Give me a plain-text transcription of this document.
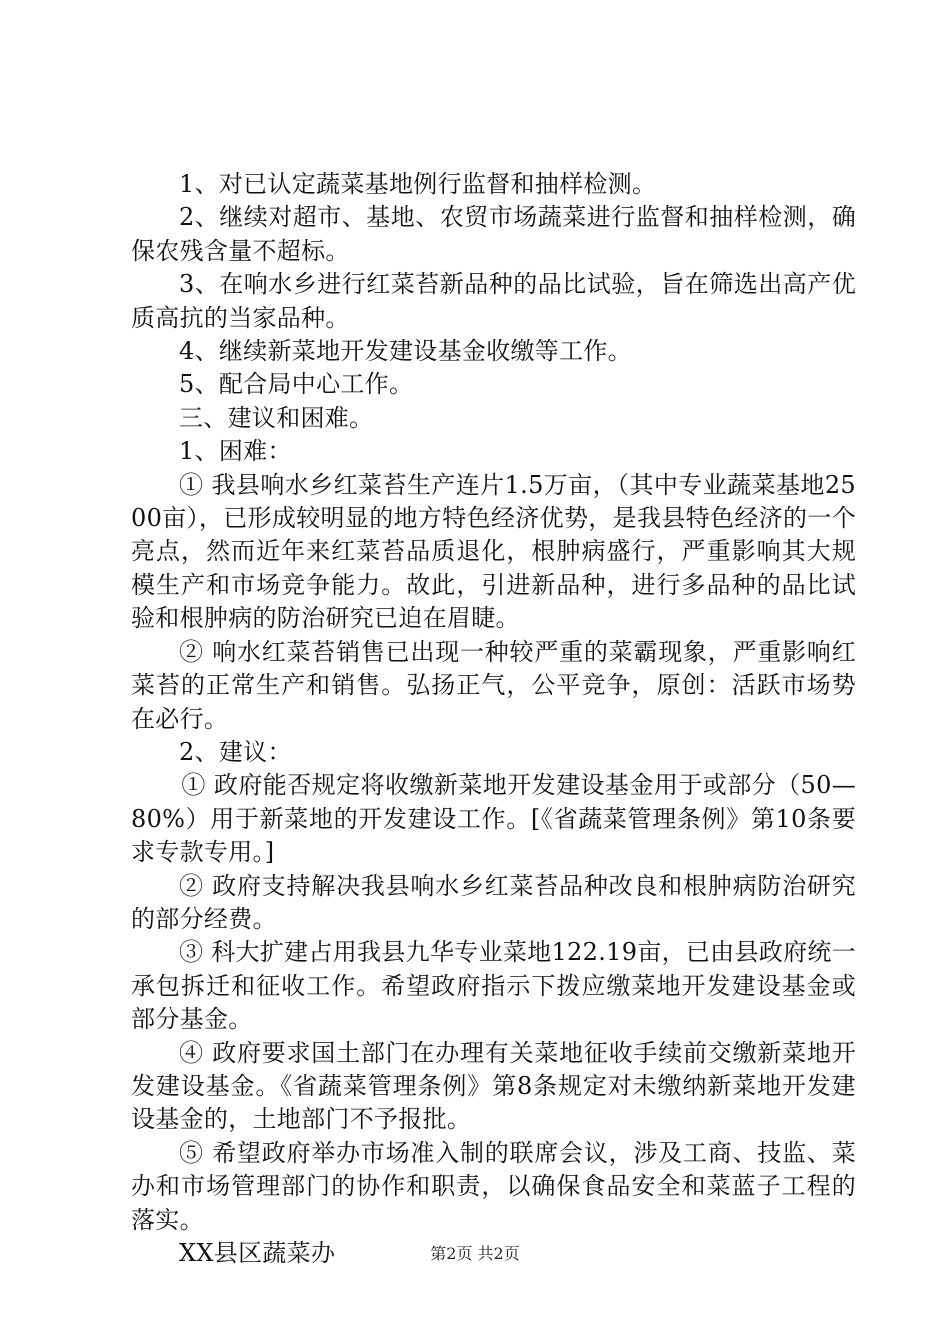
1、对已认定蔬菜基地例行监督和抽样检测。

2、继续对超市、基地、农贸市场蔬菜进行监督和抽样检测，确保农残含量不超标。

3、在响水乡进行红菜苔新品种的品比试验，旨在筛选出高产优质高抗的当家品种。

4、继续新菜地开发建设基金收缴等工作。

5、配合局中心工作。

三、建议和困难。

1、困难：

① 我县响水乡红菜苔生产连片1.5万亩，（其中专业蔬菜基地2500亩），已形成较明显的地方特色经济优势，是我县特色经济的一个亮点，然而近年来红菜苔品质退化，根肿病盛行，严重影响其大规模生产和市场竞争能力。故此，引进新品种，进行多品种的品比试验和根肿病的防治研究已迫在眉睫。

② 响水红菜苔销售已出现一种较严重的菜霸现象，严重影响红菜苔的正常生产和销售。弘扬正气，公平竞争，原创：活跃市场势在必行。

2、建议：

① 政府能否规定将收缴新菜地开发建设基金用于或部分（50—80%）用于新菜地的开发建设工作。[《省蔬菜管理条例》第10条要求专款专用。]

② 政府支持解决我县响水乡红菜苔品种改良和根肿病防治研究的部分经费。

③ 科大扩建占用我县九华专业菜地122.19亩，已由县政府统一承包拆迁和征收工作。希望政府指示下拨应缴菜地开发建设基金或部分基金。

④ 政府要求国土部门在办理有关菜地征收手续前交缴新菜地开发建设基金。《省蔬菜管理条例》第8条规定对未缴纳新菜地开发建设基金的，土地部门不予报批。

⑤ 希望政府举办市场准入制的联席会议，涉及工商、技监、菜办和市场管理部门的协作和职责，以确保食品安全和菜蓝子工程的落实。

XX县区蔬菜办	第2页 共2页
